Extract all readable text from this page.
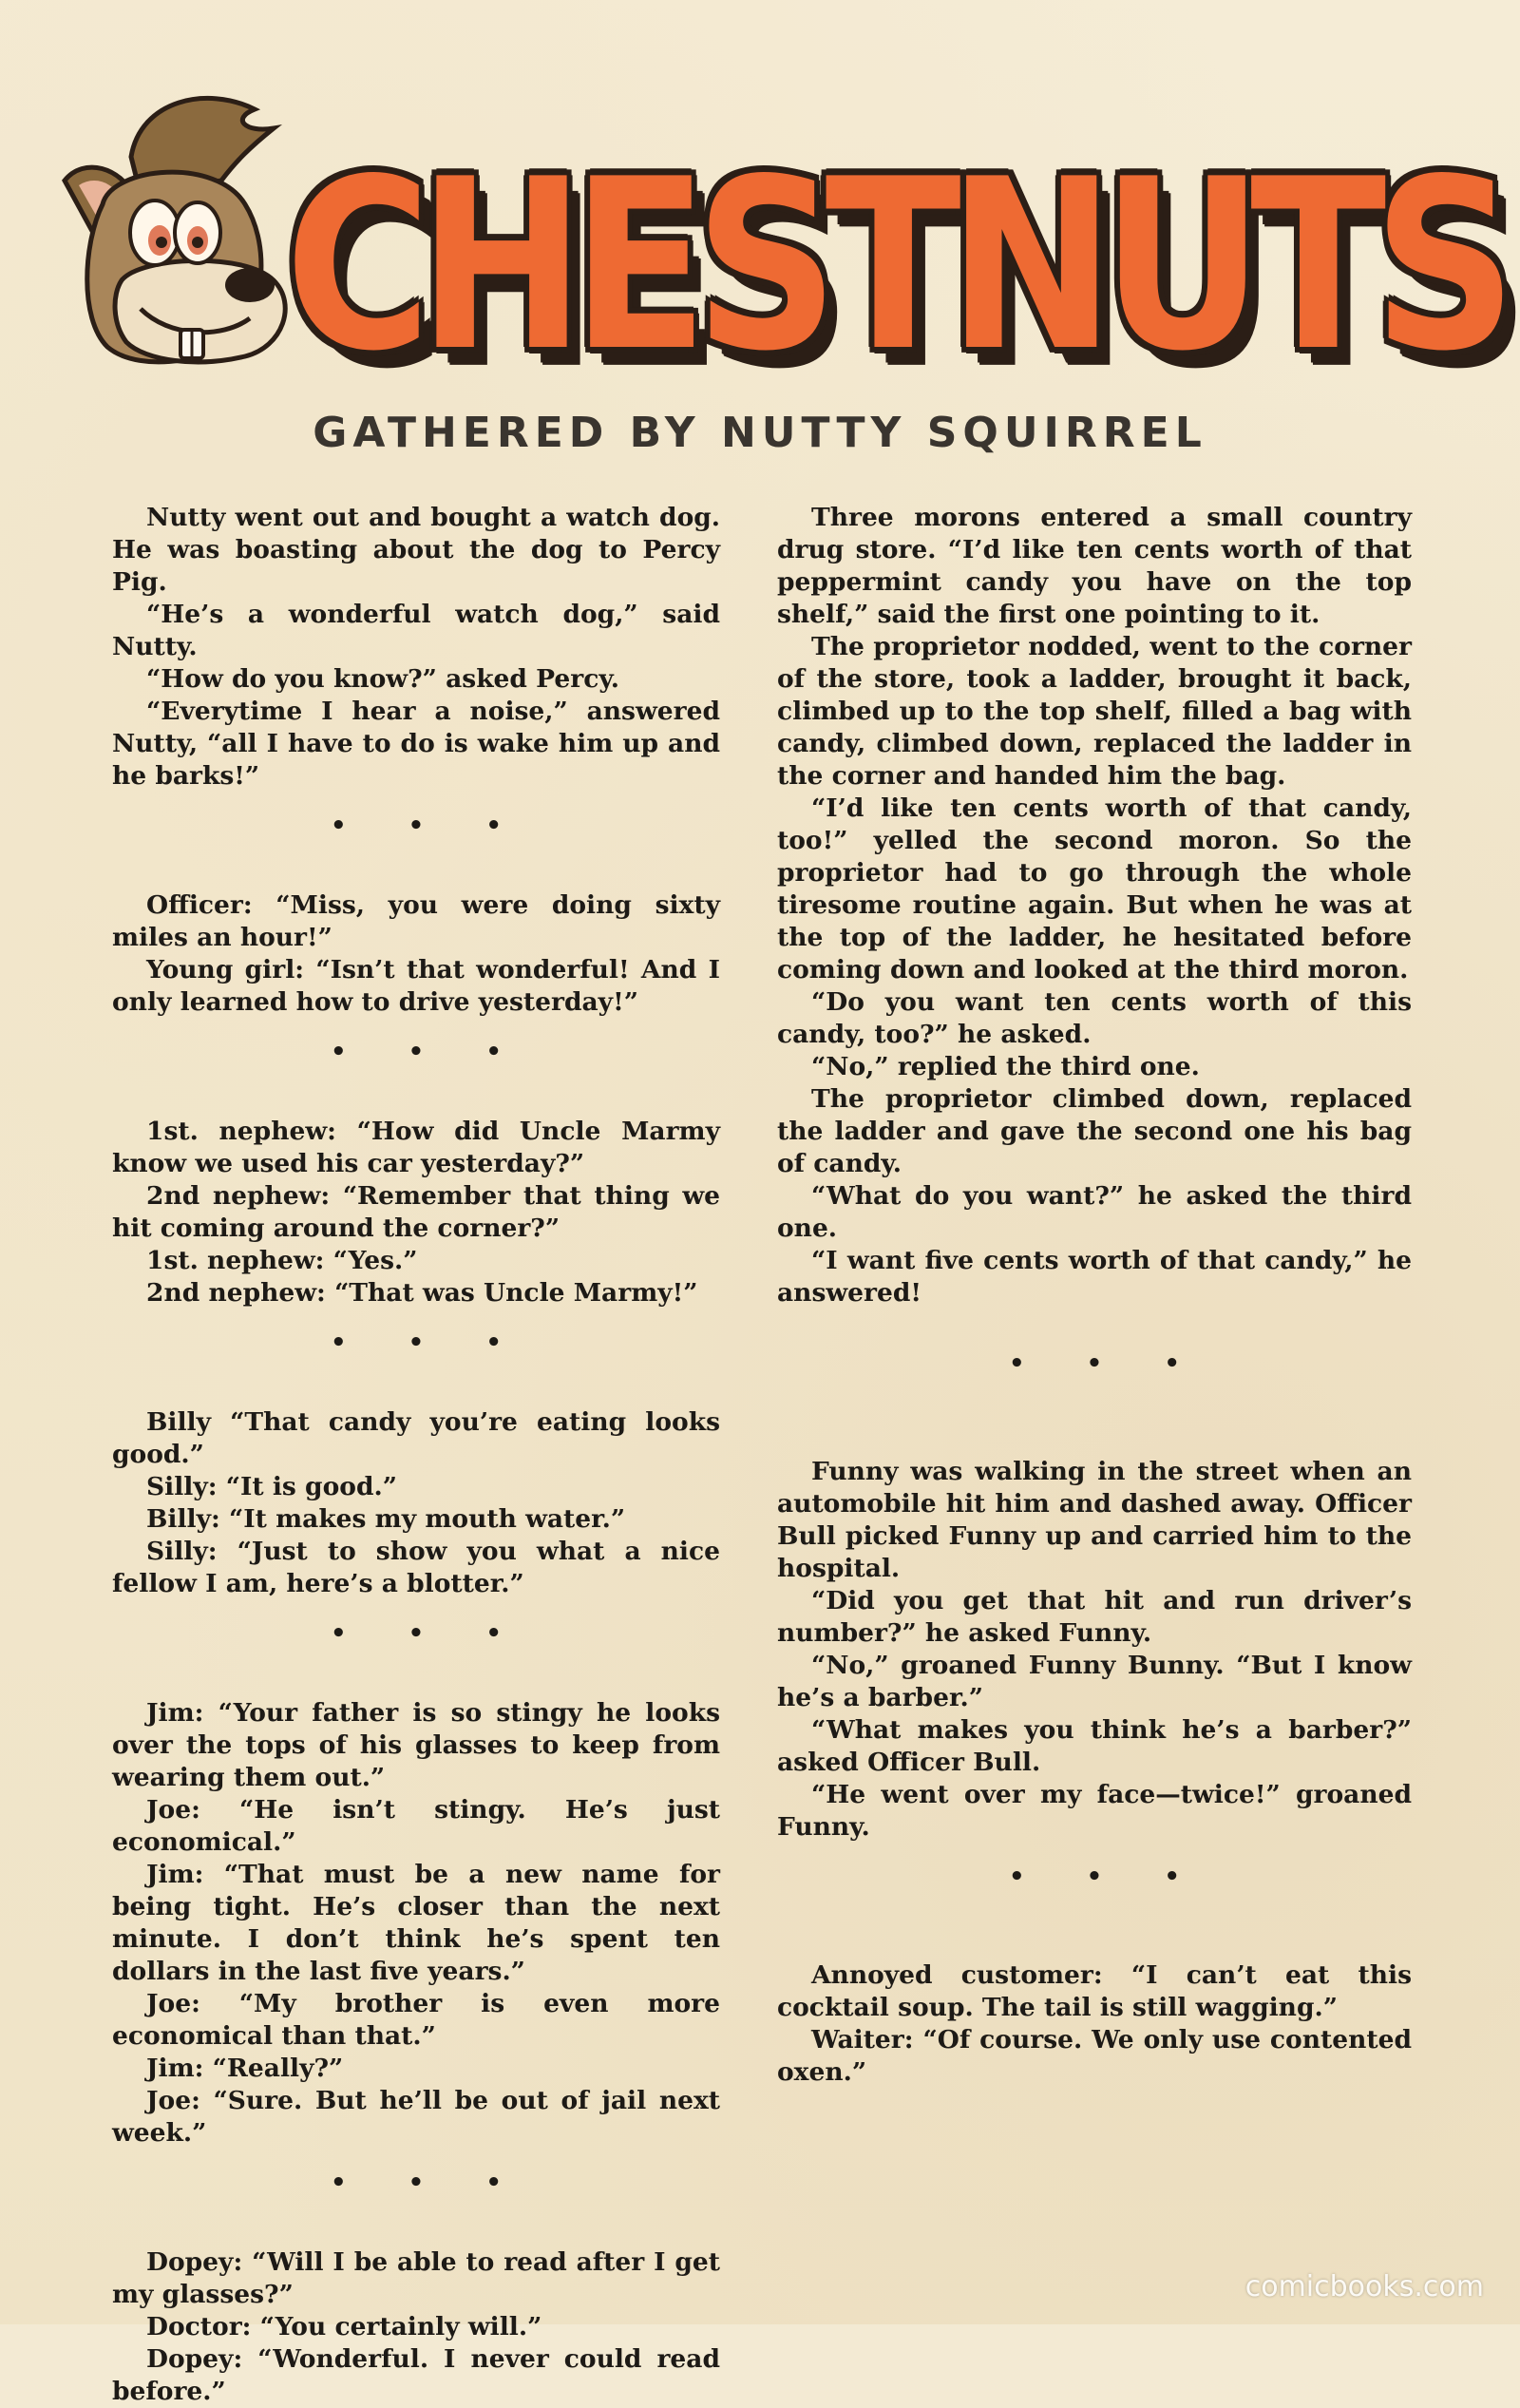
CHESTNUTS
GATHERED BY NUTTY SQUIRREL

Nutty went out and bought a watch dog. He was boasting about the dog to Percy Pig.

“He’s a wonderful watch dog,” said Nutty.

“How do you know?” asked Percy.

“Everytime I hear a noise,” answered Nutty, “all I have to do is wake him up and he barks!”

• • •

Officer: “Miss, you were doing sixty miles an hour!”

Young girl: “Isn’t that wonderful! And I only learned how to drive yesterday!”

• • •

1st. nephew: “How did Uncle Marmy know we used his car yesterday?”

2nd nephew: “Remember that thing we hit coming around the corner?”

1st. nephew: “Yes.”

2nd nephew: “That was Uncle Marmy!”

• • •

Billy “That candy you’re eating looks good.”

Silly: “It is good.”

Billy: “It makes my mouth water.”

Silly: “Just to show you what a nice fellow I am, here’s a blotter.”

• • •

Jim: “Your father is so stingy he looks over the tops of his glasses to keep from wearing them out.”

Joe: “He isn’t stingy. He’s just economical.”

Jim: “That must be a new name for being tight. He’s closer than the next minute. I don’t think he’s spent ten dollars in the last five years.”

Joe: “My brother is even more economical than that.”

Jim: “Really?”

Joe: “Sure. But he’ll be out of jail next week.”

• • •

Dopey: “Will I be able to read after I get my glasses?”

Doctor: “You certainly will.”

Dopey: “Wonderful. I never could read before.”

Three morons entered a small country drug store. “I’d like ten cents worth of that peppermint candy you have on the top shelf,” said the first one pointing to it.

The proprietor nodded, went to the corner of the store, took a ladder, brought it back, climbed up to the top shelf, filled a bag with candy, climbed down, replaced the ladder in the corner and handed him the bag.

“I’d like ten cents worth of that candy, too!” yelled the second moron. So the proprietor had to go through the whole tiresome routine again. But when he was at the top of the ladder, he hesitated before coming down and looked at the third moron.

“Do you want ten cents worth of this candy, too?” he asked.

“No,” replied the third one.

The proprietor climbed down, replaced the ladder and gave the second one his bag of candy.

“What do you want?” he asked the third one.

“I want five cents worth of that candy,” he answered!

• • •

Funny was walking in the street when an automobile hit him and dashed away. Officer Bull picked Funny up and carried him to the hospital.

“Did you get that hit and run driver’s number?” he asked Funny.

“No,” groaned Funny Bunny. “But I know he’s a barber.”

“What makes you think he’s a barber?” asked Officer Bull.

“He went over my face—twice!” groaned Funny.

• • •

Annoyed customer: “I can’t eat this cocktail soup. The tail is still wagging.”

Waiter: “Of course. We only use contented oxen.”

comicbooks.com
